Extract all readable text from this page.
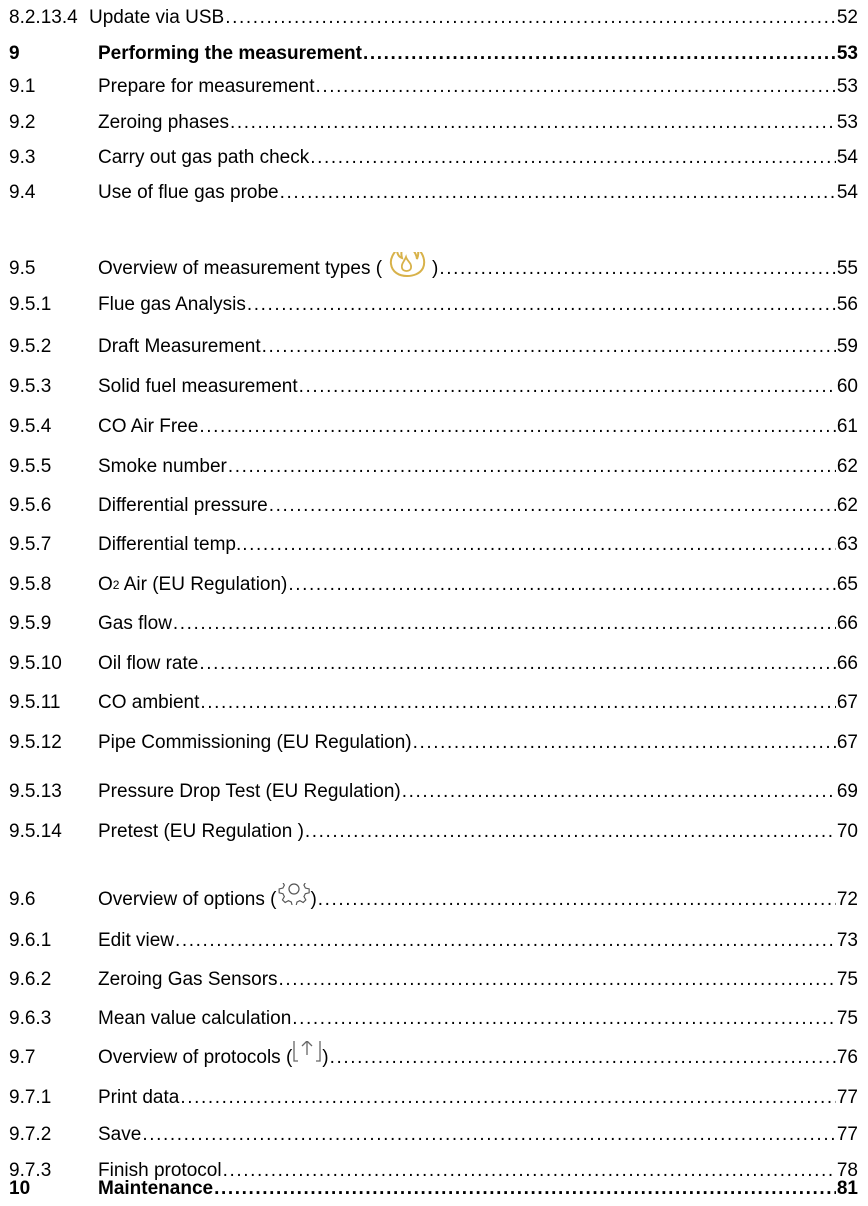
8.2.13.4 Update via USB .....	52
9	Performing the measurement .....	53
9.1	Prepare for measurement .....	53
9.2	Zeroing phases .....	53
9.3	Carry out gas path check .....	54
9.4	Use of flue gas probe .....	54
9.5	Overview of measurement types (	) .....	55
9.5.1 Flue gas Analysis .....	56
9.5.2 Draft Measurement .....	59
9.5.3 Solid fuel measurement .....	60
9.5.4 CO Air Free .....	61
9.5.5 Smoke number .....	62
9.5.6 Differential pressure .....	62
9.5.7 Differential temp. .....	63
9.5.8 O 2 Air (EU Regulation) .....	65
9.5.9 Gas flow .....	66
9.5.10 Oil flow rate .....	66
9.5.11 CO ambient .....	67
9.5.12 Pipe Commissioning (EU Regulation) .....	67
9.5.13 Pressure Drop Test (EU Regulation) .....	69
9.5.14 Pretest (EU Regulation ) .....	70
9.6	Overview of options ( ) .....	72
9.6.1 Edit view .....	73
9.6.2 Zeroing Gas Sensors .....	75
9.6.3 Mean value calculation .....	75
9.7	Overview of protocols ( ) .....	76
9.7.1 Print data .....	77
9.7.2 Save .....	77
9.7.3 Finish protocol .....	78
10	Maintenance .....	81
